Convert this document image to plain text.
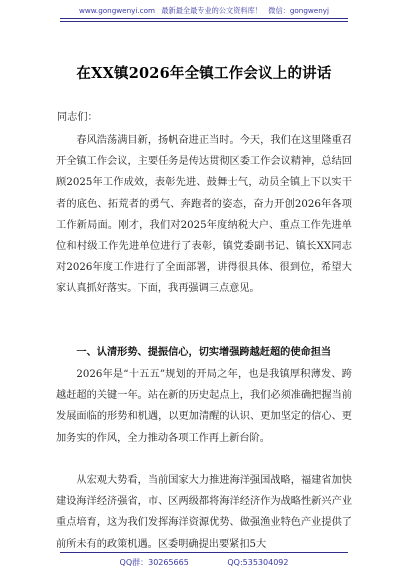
www.gongwenyi.com 最新最全最专业的公文资料库！ 微信：gongwenyj
在XX镇2026年全镇工作会议上的讲话
同志们：

春风浩荡满目新，扬帆奋进正当时。今天，我们在这里隆重召开全镇工作会议，主要任务是传达贯彻区委工作会议精神，总结回顾2025年工作成效，表彰先进、鼓舞士气，动员全镇上下以实干者的底色、拓荒者的勇气、奔跑者的姿态，奋力开创2026年各项工作新局面。刚才，我们对2025年度纳税大户、重点工作先进单位和村级工作先进单位进行了表彰，镇党委副书记、镇长XX同志对2026年度工作进行了全面部署，讲得很具体、很到位，希望大家认真抓好落实。下面，我再强调三点意见。

一、认清形势、提振信心，切实增强跨越赶超的使命担当

2026年是“十五五”规划的开局之年，也是我镇厚积薄发、跨越赶超的关键一年。站在新的历史起点上，我们必须准确把握当前发展面临的形势和机遇，以更加清醒的认识、更加坚定的信心、更加务实的作风，全力推动各项工作再上新台阶。

从宏观大势看，当前国家大力推进海洋强国战略，福建省加快建设海洋经济强省，市、区两级都将海洋经济作为战略性新兴产业重点培育，这为我们发挥海洋资源优势、做强渔业特色产业提供了前所未有的政策机遇。区委明确提出要紧扣5大

QQ群：30265665	QQ:535304092
